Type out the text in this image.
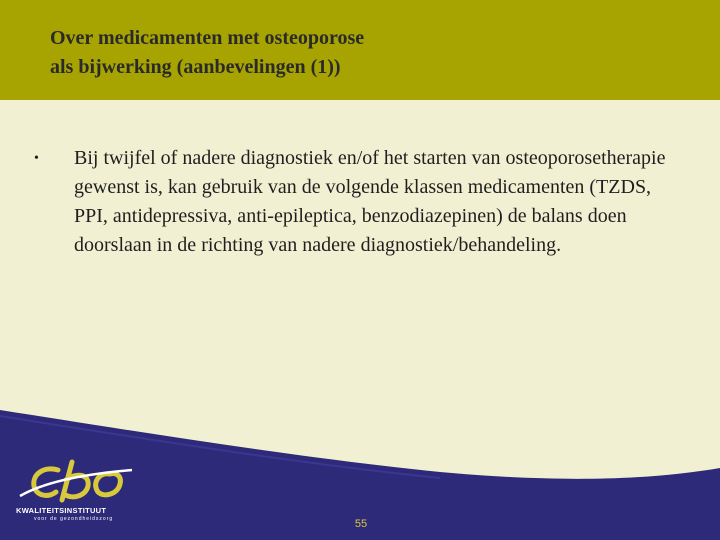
Over medicamenten met osteoporose
als bijwerking (aanbevelingen (1))
•	Bij twijfel of nadere diagnostiek en/of het starten van osteoporosetherapie gewenst is, kan gebruik van de volgende klassen medicamenten (TZDS, PPI, antidepressiva, anti-epileptica, benzodiazepinen) de balans doen doorslaan in de richting van nadere diagnostiek/behandeling.

KWALITEITSINSTITUUT
voor de gezondheidszorg	55
